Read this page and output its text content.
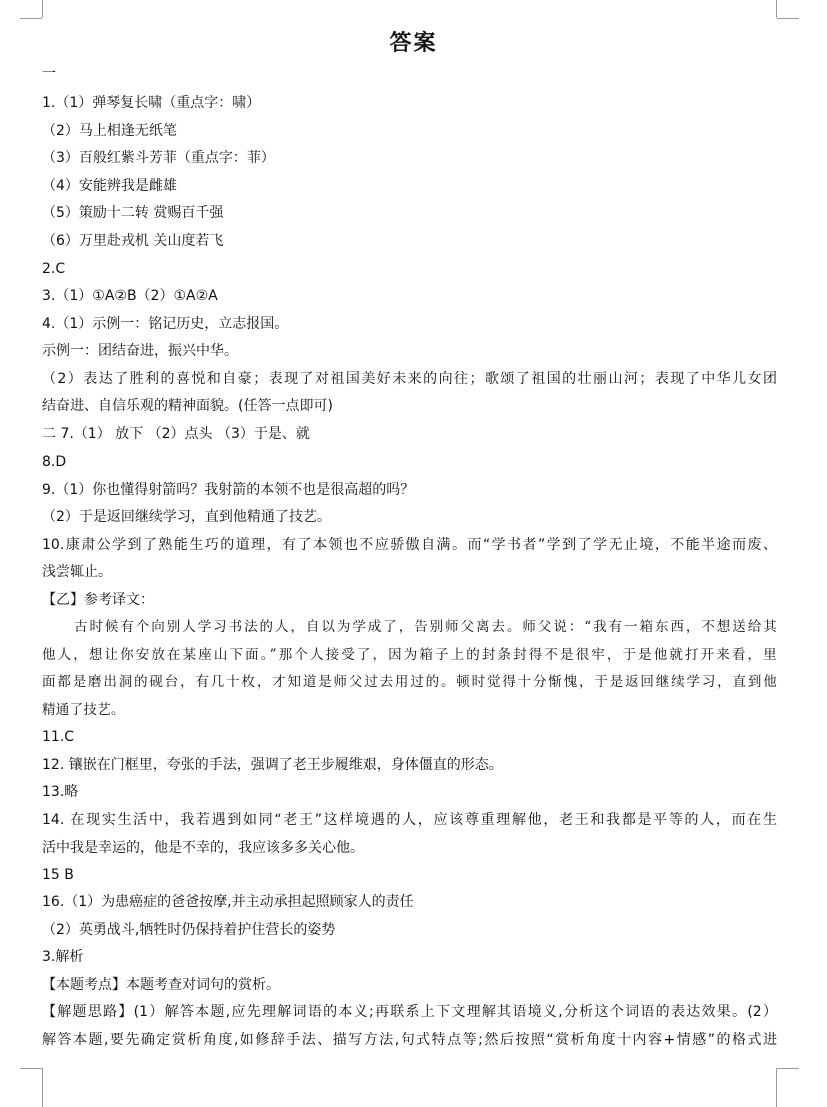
答案
一
1.（1）弹琴复长啸（重点字：啸）
（2）马上相逢无纸笔
（3）百般红紫斗芳菲（重点字：菲）
（4）安能辨我是雌雄
（5）策励十二转 赏赐百千强
（6）万里赴戎机 关山度若飞
2.C
3.（1）①A②B（2）①A②A
4.（1）示例一：铭记历史，立志报国。
示例一：团结奋进，振兴中华。
（2）表达了胜利的喜悦和自豪；表现了对祖国美好未来的向往；歌颂了祖国的壮丽山河；表现了中华儿女团
结奋进、自信乐观的精神面貌。(任答一点即可)
二 7.（1） 放下 （2）点头 （3）于是、就
8.D
9.（1）你也懂得射箭吗？我射箭的本领不也是很高超的吗？
（2）于是返回继续学习，直到他精通了技艺。
10.康肃公学到了熟能生巧的道理，有了本领也不应骄傲自满。而“学书者”学到了学无止境，不能半途而废、
浅尝辄止。
【乙】参考译文：
古时候有个向别人学习书法的人，自以为学成了，告别师父离去。师父说：“我有一箱东西，不想送给其
他人，想让你安放在某座山下面。”那个人接受了，因为箱子上的封条封得不是很牢，于是他就打开来看，里
面都是磨出洞的砚台，有几十枚，才知道是师父过去用过的。顿时觉得十分惭愧，于是返回继续学习，直到他
精通了技艺。
11.C
12. 镶嵌在门框里，夸张的手法，强调了老王步履维艰，身体僵直的形态。
13.略
14. 在现实生活中，我若遇到如同“老王”这样境遇的人，应该尊重理解他，老王和我都是平等的人，而在生
活中我是幸运的，他是不幸的，我应该多多关心他。
15 B
16.（1）为患癌症的爸爸按摩,并主动承担起照顾家人的责任
（2）英勇战斗,牺牲时仍保持着护住营长的姿势
3.解析
【本题考点】本题考查对词句的赏析。
【解题思路】(1）解答本题,应先理解词语的本义;再联系上下文理解其语境义,分析这个词语的表达效果。(2）
解答本题,要先确定赏析角度,如修辞手法、描写方法,句式特点等;然后按照“赏析角度十内容+情感”的格式进
